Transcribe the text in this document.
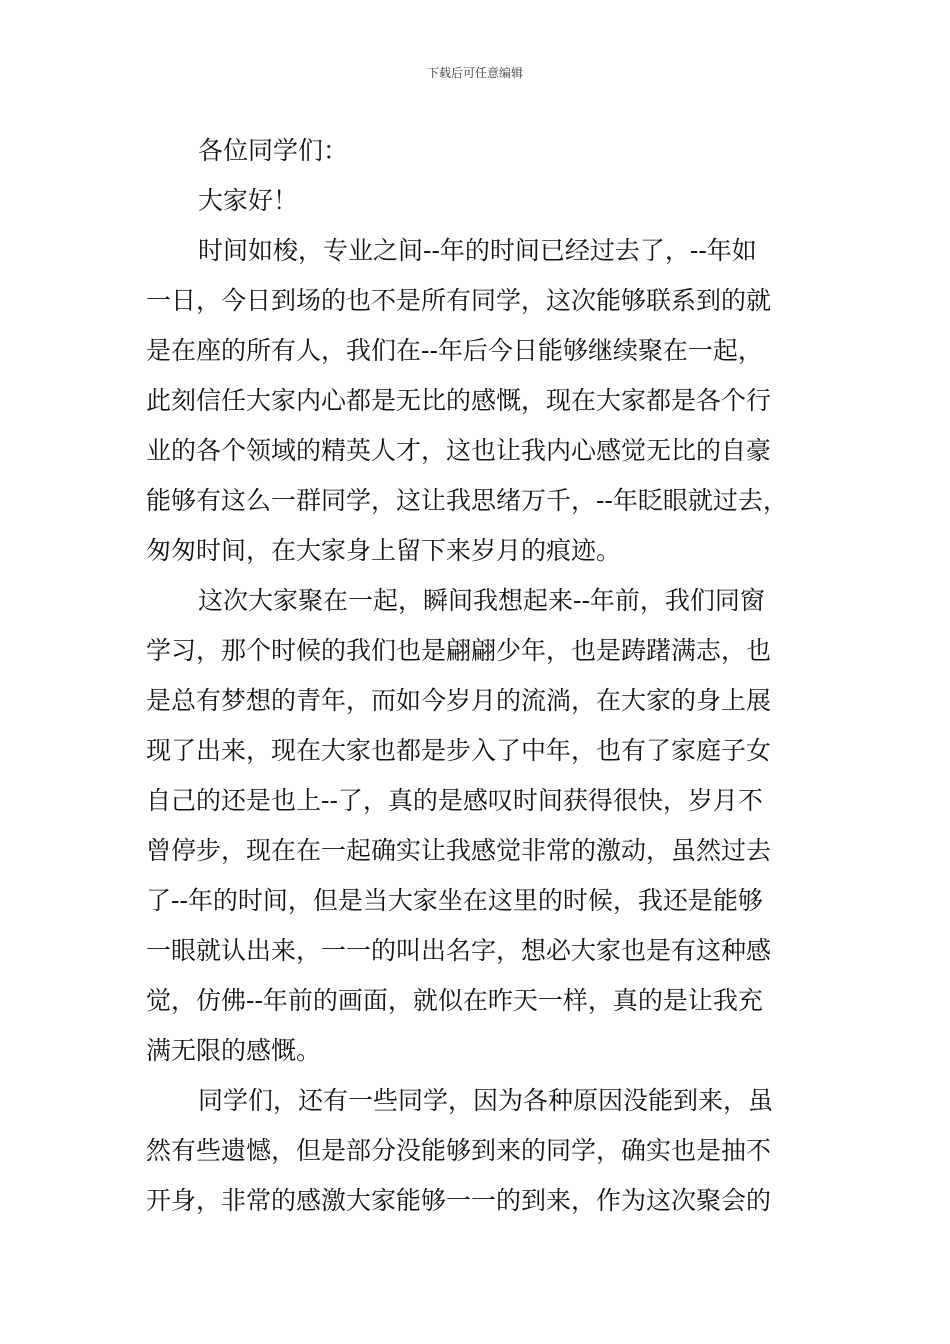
下载后可任意编辑
各位同学们：
大家好！
时间如梭，专业之间--年的时间已经过去了，--年如
一日，今日到场的也不是所有同学，这次能够联系到的就
是在座的所有人，我们在--年后今日能够继续聚在一起，
此刻信任大家内心都是无比的感慨，现在大家都是各个行
业的各个领域的精英人才，这也让我内心感觉无比的自豪
能够有这么一群同学，这让我思绪万千，--年眨眼就过去，
匆匆时间，在大家身上留下来岁月的痕迹。
这次大家聚在一起，瞬间我想起来--年前，我们同窗
学习，那个时候的我们也是翩翩少年，也是踌躇满志，也
是总有梦想的青年，而如今岁月的流淌，在大家的身上展
现了出来，现在大家也都是步入了中年，也有了家庭子女
自己的还是也上--了，真的是感叹时间获得很快，岁月不
曾停步，现在在一起确实让我感觉非常的激动，虽然过去
了--年的时间，但是当大家坐在这里的时候，我还是能够
一眼就认出来，一一的叫出名字，想必大家也是有这种感
觉，仿佛--年前的画面，就似在昨天一样，真的是让我充
满无限的感慨。
同学们，还有一些同学，因为各种原因没能到来，虽
然有些遗憾，但是部分没能够到来的同学，确实也是抽不
开身，非常的感激大家能够一一的到来，作为这次聚会的
